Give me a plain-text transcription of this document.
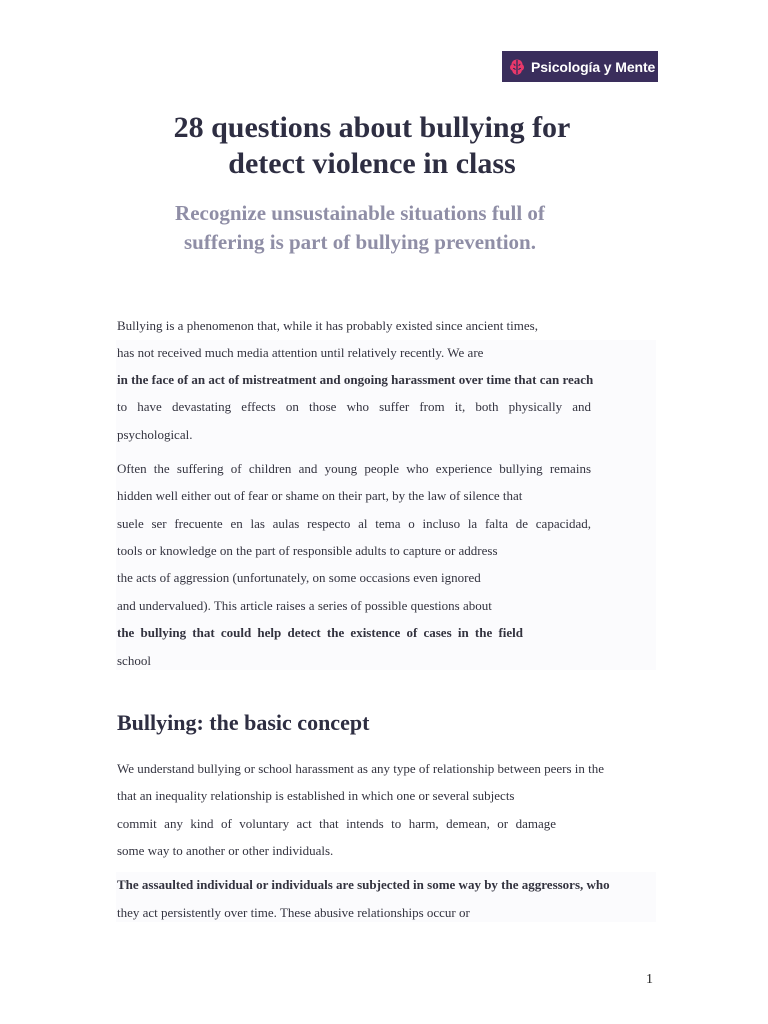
Psicología y Mente
28 questions about bullying for
detect violence in class
Recognize unsustainable situations full of
suffering is part of bullying prevention.

Bullying is a phenomenon that, while it has probably existed since ancient times,

has not received much media attention until relatively recently. We are

in the face of an act of mistreatment and ongoing harassment over time that can reach

to have devastating effects on those who suffer from it, both physically and

psychological.

Often the suffering of children and young people who experience bullying remains

hidden well either out of fear or shame on their part, by the law of silence that

suele ser frecuente en las aulas respecto al tema o incluso la falta de capacidad,

tools or knowledge on the part of responsible adults to capture or address

the acts of aggression (unfortunately, on some occasions even ignored

and undervalued). This article raises a series of possible questions about

the bullying that could help detect the existence of cases in the field

school

Bullying: the basic concept

We understand bullying or school harassment as any type of relationship between peers in the

that an inequality relationship is established in which one or several subjects

commit any kind of voluntary act that intends to harm, demean, or damage

some way to another or other individuals.

The assaulted individual or individuals are subjected in some way by the aggressors, who

they act persistently over time. These abusive relationships occur or

1
